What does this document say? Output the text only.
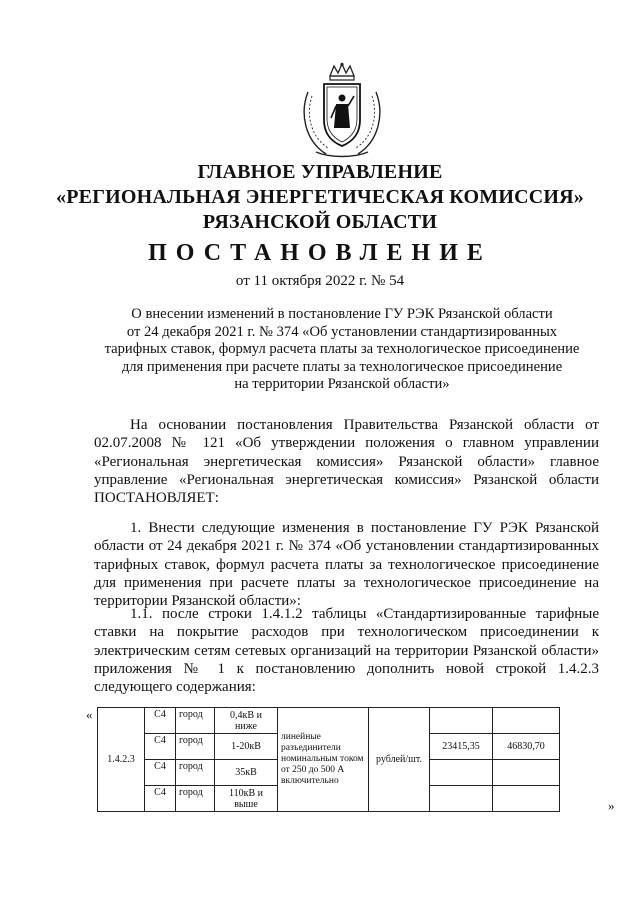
ГЛАВНОЕ УПРАВЛЕНИЕ
«РЕГИОНАЛЬНАЯ ЭНЕРГЕТИЧЕСКАЯ КОМИССИЯ»
РЯЗАНСКОЙ ОБЛАСТИ
ПОСТАНОВЛЕНИЕ
от 11 октября 2022 г. № 54
О внесении изменений в постановление ГУ РЭК Рязанской области
от 24 декабря 2021 г. № 374 «Об установлении стандартизированных
тарифных ставок, формул расчета платы за технологическое присоединение
для применения при расчете платы за технологическое присоединение
на территории Рязанской области»
На основании постановления Правительства Рязанской области от
02.07.2008 № 121 «Об утверждении положения о главном управлении
«Региональная энергетическая комиссия» Рязанской области» главное
управление «Региональная энергетическая комиссия» Рязанской области
ПОСТАНОВЛЯЕТ:
1. Внести следующие изменения в постановление ГУ РЭК Рязанской
области от 24 декабря 2021 г. № 374 «Об установлении стандартизированных
тарифных ставок, формул расчета платы за технологическое присоединение
для применения при расчете платы за технологическое присоединение на
территории Рязанской области»:
1.1. после строки 1.4.1.2 таблицы «Стандартизированные тарифные
ставки на покрытие расходов при технологическом присоединении к
электрическим сетям сетевых организаций на территории Рязанской области»
приложения № 1 к постановлению дополнить новой строкой 1.4.2.3
следующего содержания:
«
1.4.2.3	С4	город	0,4кВ и ниже	линейные разъединители номинальным током от 250 до 500 А включительно	рублей/шт.		
	С4	город	1-20кВ			23415,35	46830,70
	С4	город	35кВ				
	С4	город	110кВ и выше					»
